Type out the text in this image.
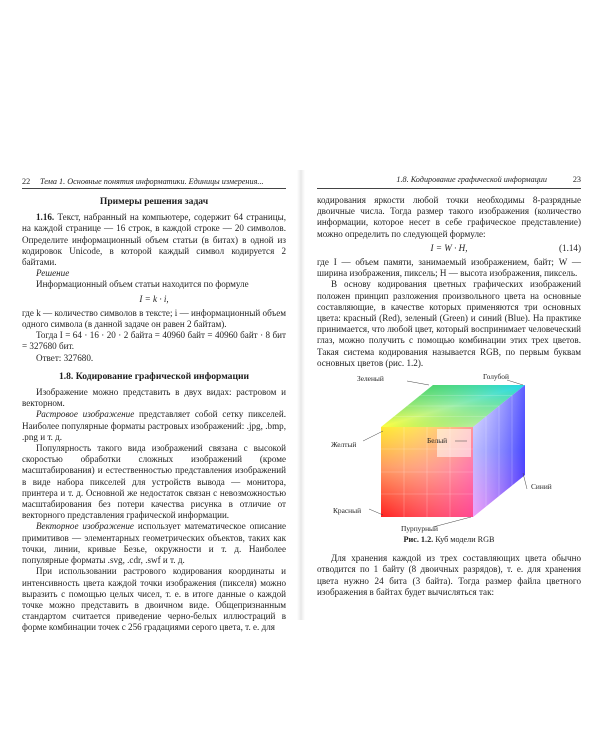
22 Тема 1. Основные понятия информатики. Единицы измерения...
Примеры решения задач

1.16. Текст, набранный на компьютере, содержит 64 страницы, на каждой странице — 16 строк, в каждой строке — 20 символов. Определите информационный объем статьи (в битах) в одной из кодировок Unicode, в которой каждый символ кодируется 2 байтами.

Решение

Информационный объем статьи находится по формуле

I = k · i,

где k — количество символов в тексте; i — информационный объем одного символа (в данной задаче он равен 2 байтам).

Тогда I = 64 · 16 · 20 · 2 байта = 40960 байт = 40960 байт · 8 бит = 327680 бит.

Ответ: 327680.

1.8. Кодирование графической информации

Изображение можно представить в двух видах: растровом и векторном.

Растровое изображение представляет собой сетку пикселей. Наиболее популярные форматы растровых изображений: .jpg, .bmp, .png и т. д.

Популярность такого вида изображений связана с высокой скоростью обработки сложных изображений (кроме масштабирования) и естественностью представления изображений в виде набора пикселей для устройств вывода — монитора, принтера и т. д. Основной же недостаток связан с невозможностью масштабирования без потери качества рисунка в отличие от векторного представления графической информации.

Векторное изображение использует математическое описание примитивов — элементарных геометрических объектов, таких как точки, линии, кривые Безье, окружности и т. д. Наиболее популярные форматы .svg, .cdr, .swf и т. д.

При использовании растрового кодирования координаты и интенсивность цвета каждой точки изображения (пикселя) можно выразить с помощью целых чисел, т. е. в итоге данные о каждой точке можно представить в двоичном виде. Общепризнанным стандартом считается приведение черно-белых иллюстраций в форме комбинации точек с 256 градациями серого цвета, т. е. для

1.8. Кодирование графической информации	23

кодирования яркости любой точки необходимы 8-разрядные двоичные числа. Тогда размер такого изображения (количество информации, которое несет в себе графическое представление) можно определить по следующей формуле:

I = W · H,	(1.14)

где I — объем памяти, занимаемый изображением, байт; W — ширина изображения, пиксель; H — высота изображения, пиксель.

В основу кодирования цветных графических изображений положен принцип разложения произвольного цвета на основные составляющие, в качестве которых применяются три основных цвета: красный (Red), зеленый (Green) и синий (Blue). На практике принимается, что любой цвет, который воспринимает человеческий глаз, можно получить с помощью комбинации этих трех цветов. Такая система кодирования называется RGB, по первым буквам основных цветов (рис. 1.2).

Зеленый	Голубой
Желтый	Белый
Синий
Красный
Пурпурный
Рис. 1.2. Куб модели RGB

Для хранения каждой из трех составляющих цвета обычно отводится по 1 байту (8 двоичных разрядов), т. е. для хранения цвета нужно 24 бита (3 байта). Тогда размер файла цветного изображения в байтах будет вычисляться так:
